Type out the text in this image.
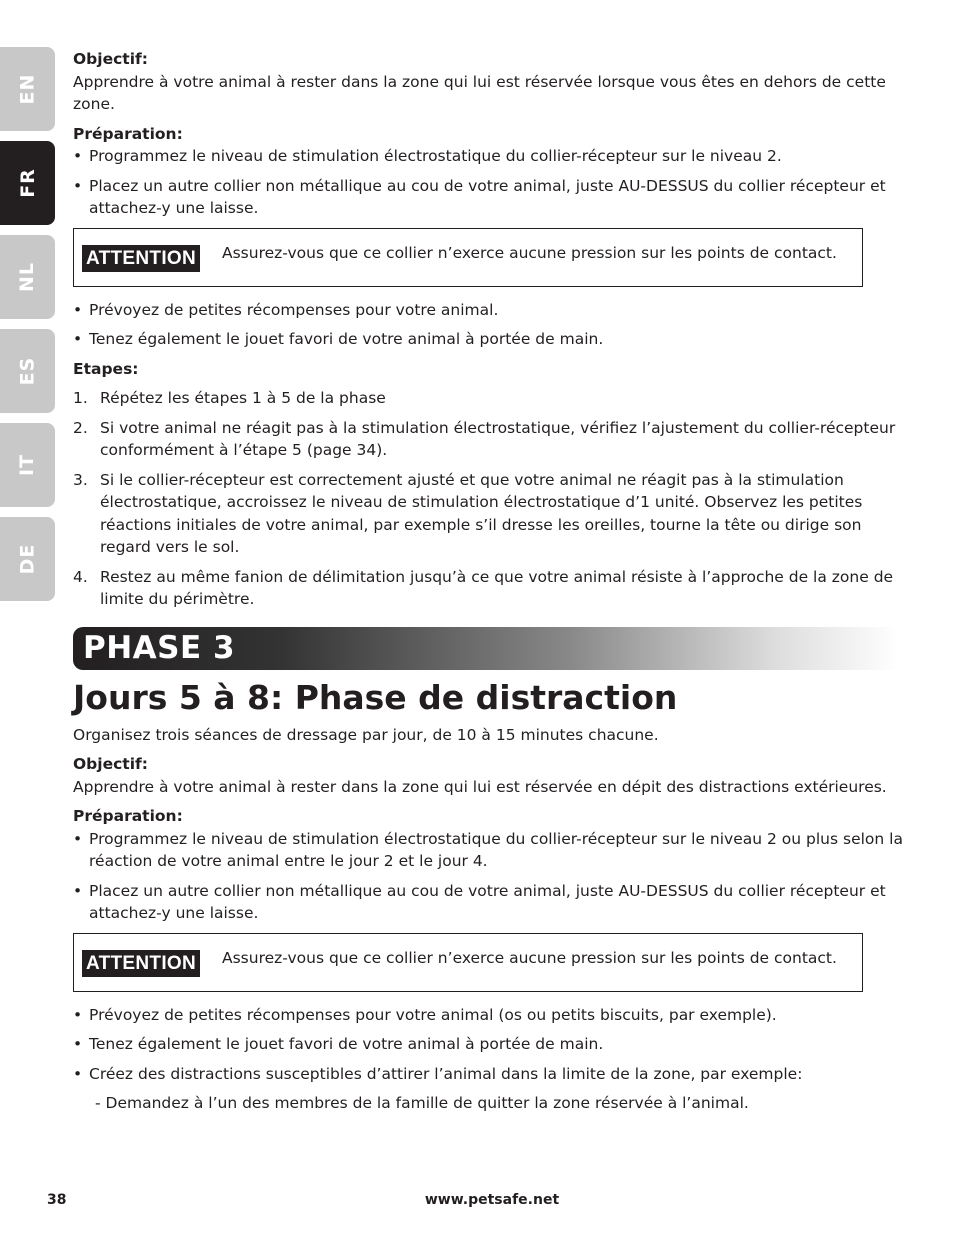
EN
FR
NL
ES
IT
DE

Objectif:

Apprendre à votre animal à rester dans la zone qui lui est réservée lorsque vous êtes en dehors de cette zone.

Préparation:

• Programmez le niveau de stimulation électrostatique du collier-récepteur sur le niveau 2.

• Placez un autre collier non métallique au cou de votre animal, juste AU-DESSUS du collier récepteur et attachez-y une laisse.

ATTENTION Assurez-vous que ce collier n’exerce aucune pression sur les points de contact.

• Prévoyez de petites récompenses pour votre animal.

• Tenez également le jouet favori de votre animal à portée de main.

Etapes:

1. Répétez les étapes 1 à 5 de la phase

2. Si votre animal ne réagit pas à la stimulation électrostatique, vérifiez l’ajustement du collier-récepteur conformément à l’étape 5 (page 34).

3. Si le collier-récepteur est correctement ajusté et que votre animal ne réagit pas à la stimulation électrostatique, accroissez le niveau de stimulation électrostatique d’1 unité. Observez les petites réactions initiales de votre animal, par exemple s’il dresse les oreilles, tourne la tête ou dirige son regard vers le sol.

4. Restez au même fanion de délimitation jusqu’à ce que votre animal résiste à l’approche de la zone de limite du périmètre.

PHASE 3

Jours 5 à 8: Phase de distraction

Organisez trois séances de dressage par jour, de 10 à 15 minutes chacune.

Objectif:

Apprendre à votre animal à rester dans la zone qui lui est réservée en dépit des distractions extérieures.

Préparation:

• Programmez le niveau de stimulation électrostatique du collier-récepteur sur le niveau 2 ou plus selon la réaction de votre animal entre le jour 2 et le jour 4.

• Placez un autre collier non métallique au cou de votre animal, juste AU-DESSUS du collier récepteur et attachez-y une laisse.

ATTENTION Assurez-vous que ce collier n’exerce aucune pression sur les points de contact.

• Prévoyez de petites récompenses pour votre animal (os ou petits biscuits, par exemple).

• Tenez également le jouet favori de votre animal à portée de main.

• Créez des distractions susceptibles d’attirer l’animal dans la limite de la zone, par exemple:

- Demandez à l’un des membres de la famille de quitter la zone réservée à l’animal.

38	www.petsafe.net
